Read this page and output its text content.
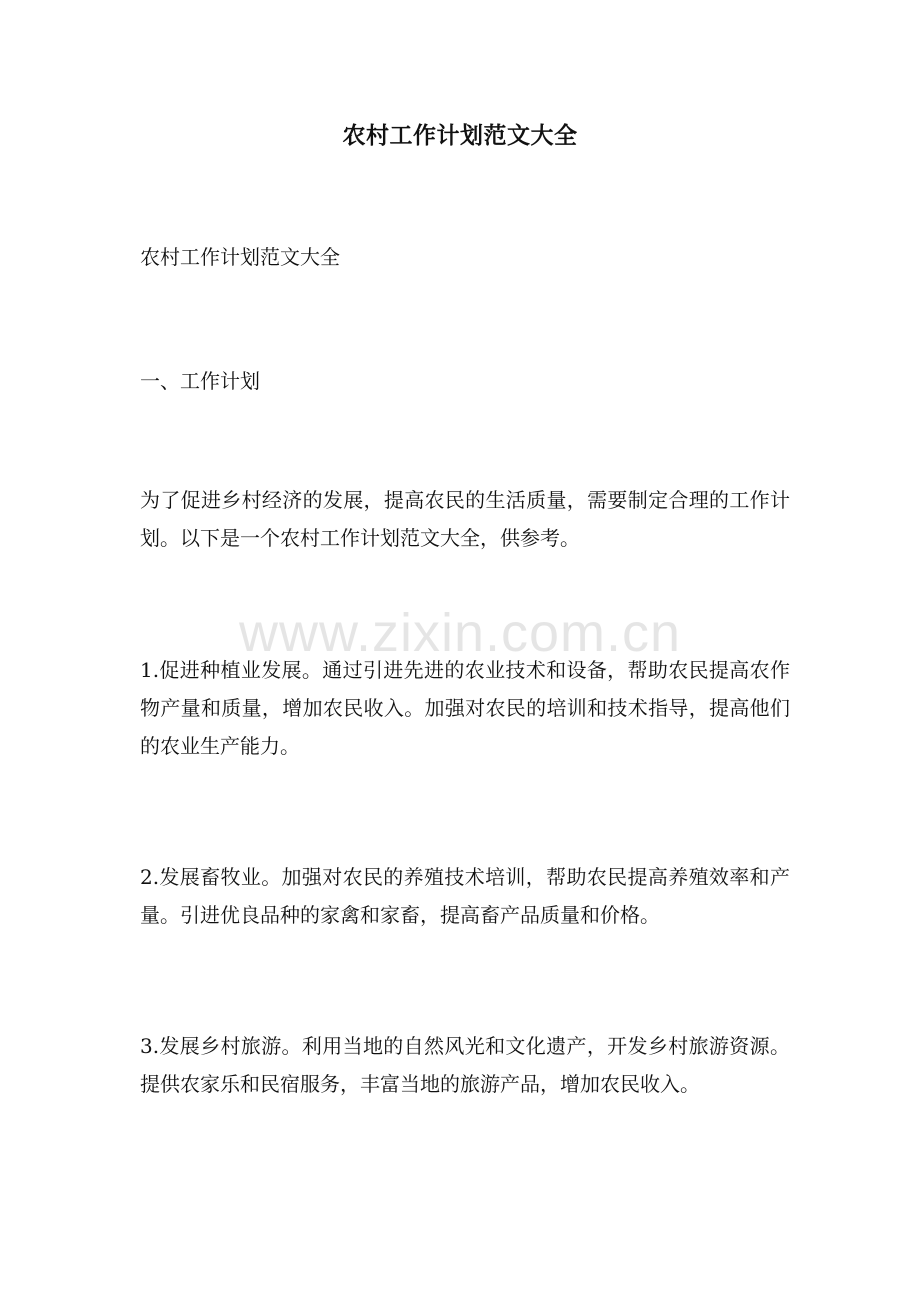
农村工作计划范文大全

农村工作计划范文大全

一、工作计划

为了促进乡村经济的发展，提高农民的生活质量，需要制定合理的工作计划。以下是一个农村工作计划范文大全，供参考。

1.促进种植业发展。通过引进先进的农业技术和设备，帮助农民提高农作物产量和质量，增加农民收入。加强对农民的培训和技术指导，提高他们的农业生产能力。

2.发展畜牧业。加强对农民的养殖技术培训，帮助农民提高养殖效率和产量。引进优良品种的家禽和家畜，提高畜产品质量和价格。

3.发展乡村旅游。利用当地的自然风光和文化遗产，开发乡村旅游资源。提供农家乐和民宿服务，丰富当地的旅游产品，增加农民收入。

www.zixin.com.cn
